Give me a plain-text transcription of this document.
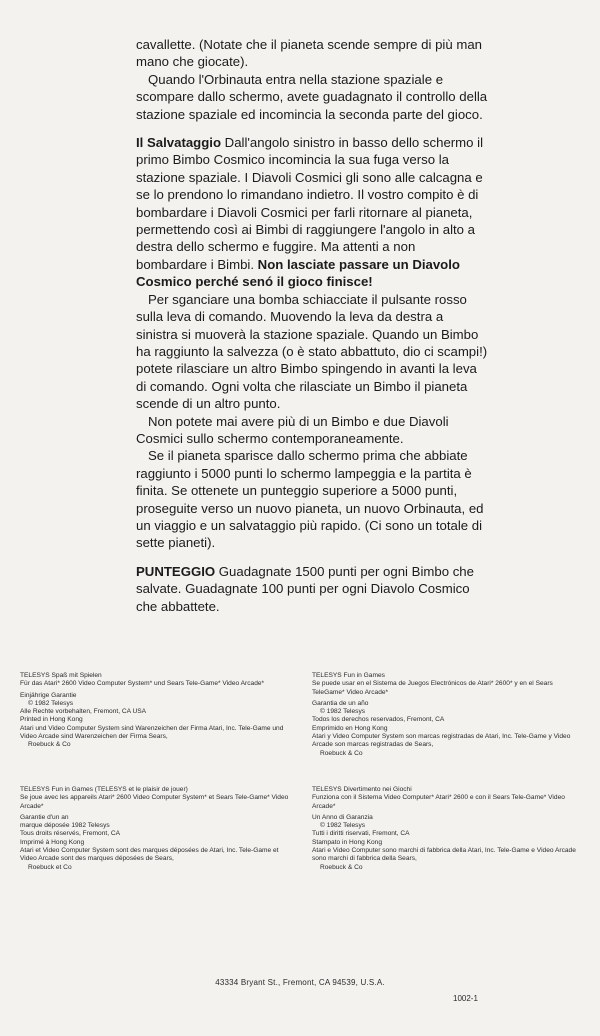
cavallette. (Notate che il pianeta scende sempre di più man mano che giocate).

Quando l'Orbinauta entra nella stazione spaziale e scompare dallo schermo, avete guadagnato il controllo della stazione spaziale ed incomincia la seconda parte del gioco.

Il Salvataggio Dall'angolo sinistro in basso dello schermo il primo Bimbo Cosmico incomincia la sua fuga verso la stazione spaziale. I Diavoli Cosmici gli sono alle calcagna e se lo prendono lo rimandano indietro. Il vostro compito è di bombardare i Diavoli Cosmici per farli ritornare al pianeta, permettendo così ai Bimbi di raggiungere l'angolo in alto a destra dello schermo e fuggire. Ma attenti a non bombardare i Bimbi. Non lasciate passare un Diavolo Cosmico perché senó il gioco finisce!

Per sganciare una bomba schiacciate il pulsante rosso sulla leva di comando. Muovendo la leva da destra a sinistra si muoverà la stazione spaziale. Quando un Bimbo ha raggiunto la salvezza (o è stato abbattuto, dio ci scampi!) potete rilasciare un altro Bimbo spingendo in avanti la leva di comando. Ogni volta che rilasciate un Bimbo il pianeta scende di un altro punto.

Non potete mai avere più di un Bimbo e due Diavoli Cosmici sullo schermo contemporaneamente.

Se il pianeta sparisce dallo schermo prima che abbiate raggiunto i 5000 punti lo schermo lampeggia e la partita è finita. Se ottenete un punteggio superiore a 5000 punti, proseguite verso un nuovo pianeta, un nuovo Orbinauta, ed un viaggio e un salvataggio più rapido. (Ci sono un totale di sette pianeti).

PUNTEGGIO Guadagnate 1500 punti per ogni Bimbo che salvate. Guadagnate 100 punti per ogni Diavolo Cosmico che abbattete.

TELESYS Spaß mit Spielen

Für das Atari* 2600 Video Computer System* und Sears Tele-Game* Video Arcade*

Einjährige Garantie

© 1982 Telesys

Alle Rechte vorbehalten, Fremont, CA USA

Printed in Hong Kong

Atari und Video Computer System sind Warenzeichen der Firma Atari, Inc. Tele-Game und Video Arcade sind Warenzeichen der Firma Sears,

Roebuck & Co

TELESYS Fun in Games

Se puede usar en el Sistema de Juegos Electrónicos de Atari* 2600* y en el Sears TeleGame* Video Arcade*

Garantia de un año

© 1982 Telesys

Todos los derechos reservados, Fremont, CA

Emprimido en Hong Kong

Atari y Video Computer System son marcas registradas de Atari, Inc. Tele-Game y Video Arcade son marcas registradas de Sears,

Roebuck & Co

TELESYS Fun in Games (TELESYS et le plaisir de jouer)

Se joue avec les appareils Atari* 2600 Video Computer System* et Sears Tele-Game* Video Arcade*

Garantie d'un an

marque déposée 1982 Telesys

Tous droits réservés, Fremont, CA

Imprimé à Hong Kong

Atari et Video Computer System sont des marques déposées de Atari, Inc. Tele-Game et Video Arcade sont des marques déposées de Sears,

Roebuck et Co

TELESYS Divertimento nei Giochi

Funziona con il Sistema Video Computer* Atari* 2600 e con il Sears Tele-Game* Video Arcade*

Un Anno di Garanzia

© 1982 Telesys

Tutti i diritti riservati, Fremont, CA

Stampato in Hong Kong

Atari e Video Computer sono marchi di fabbrica della Atari, Inc. Tele-Game e Video Arcade sono marchi di fabbrica della Sears,

Roebuck & Co

43334 Bryant St., Fremont, CA 94539, U.S.A.
1002-1
